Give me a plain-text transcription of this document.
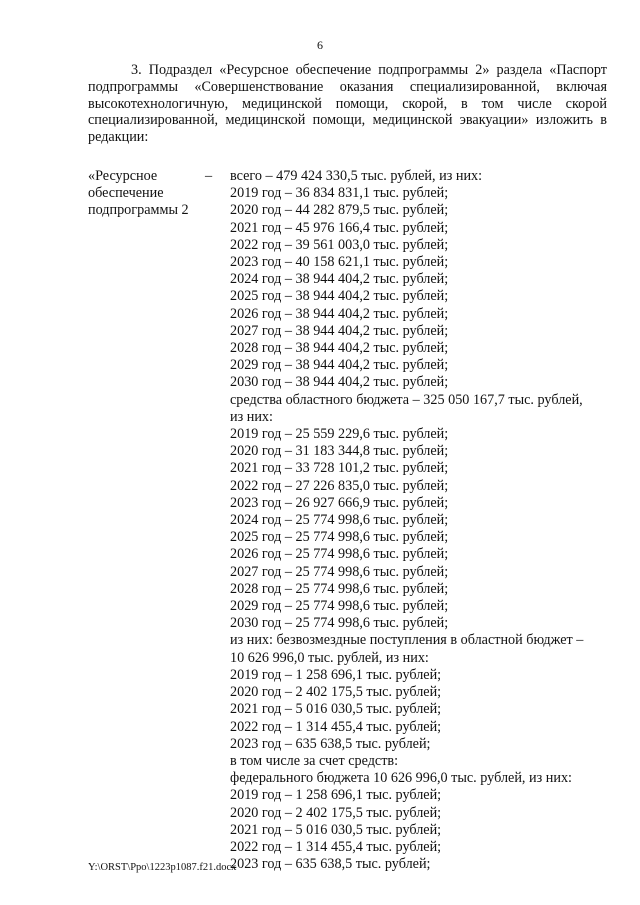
6

3. Подраздел «Ресурсное обеспечение подпрограммы 2» раздела «Паспорт подпрограммы «Совершенствование оказания специализированной, включая высокотехнологичную, медицинской помощи, скорой, в том числе скорой специализированной, медицинской помощи, медицинской эвакуации» изложить в редакции:

«Ресурсное обеспечение подпрограммы 2

– всего – 479 424 330,5 тыс. рублей, из них:
2019 год – 36 834 831,1 тыс. рублей;
2020 год – 44 282 879,5 тыс. рублей;
2021 год – 45 976 166,4 тыс. рублей;
2022 год – 39 561 003,0 тыс. рублей;
2023 год – 40 158 621,1 тыс. рублей;
2024 год – 38 944 404,2 тыс. рублей;
2025 год – 38 944 404,2 тыс. рублей;
2026 год – 38 944 404,2 тыс. рублей;
2027 год – 38 944 404,2 тыс. рублей;
2028 год – 38 944 404,2 тыс. рублей;
2029 год – 38 944 404,2 тыс. рублей;
2030 год – 38 944 404,2 тыс. рублей;
средства областного бюджета – 325 050 167,7 тыс. рублей,
из них:
2019 год – 25 559 229,6 тыс. рублей;
2020 год – 31 183 344,8 тыс. рублей;
2021 год – 33 728 101,2 тыс. рублей;
2022 год – 27 226 835,0 тыс. рублей;
2023 год – 26 927 666,9 тыс. рублей;
2024 год – 25 774 998,6 тыс. рублей;
2025 год – 25 774 998,6 тыс. рублей;
2026 год – 25 774 998,6 тыс. рублей;
2027 год – 25 774 998,6 тыс. рублей;
2028 год – 25 774 998,6 тыс. рублей;
2029 год – 25 774 998,6 тыс. рублей;
2030 год – 25 774 998,6 тыс. рублей;
из них: безвозмездные поступления в областной бюджет –
10 626 996,0 тыс. рублей, из них:
2019 год – 1 258 696,1 тыс. рублей;
2020 год – 2 402 175,5 тыс. рублей;
2021 год – 5 016 030,5 тыс. рублей;
2022 год – 1 314 455,4 тыс. рублей;
2023 год – 635 638,5 тыс. рублей;
в том числе за счет средств:
федерального бюджета 10 626 996,0 тыс. рублей, из них:
2019 год – 1 258 696,1 тыс. рублей;
2020 год – 2 402 175,5 тыс. рублей;
2021 год – 5 016 030,5 тыс. рублей;
2022 год – 1 314 455,4 тыс. рублей;
2023 год – 635 638,5 тыс. рублей;
Y:\ORST\Ppo\1223p1087.f21.docx
